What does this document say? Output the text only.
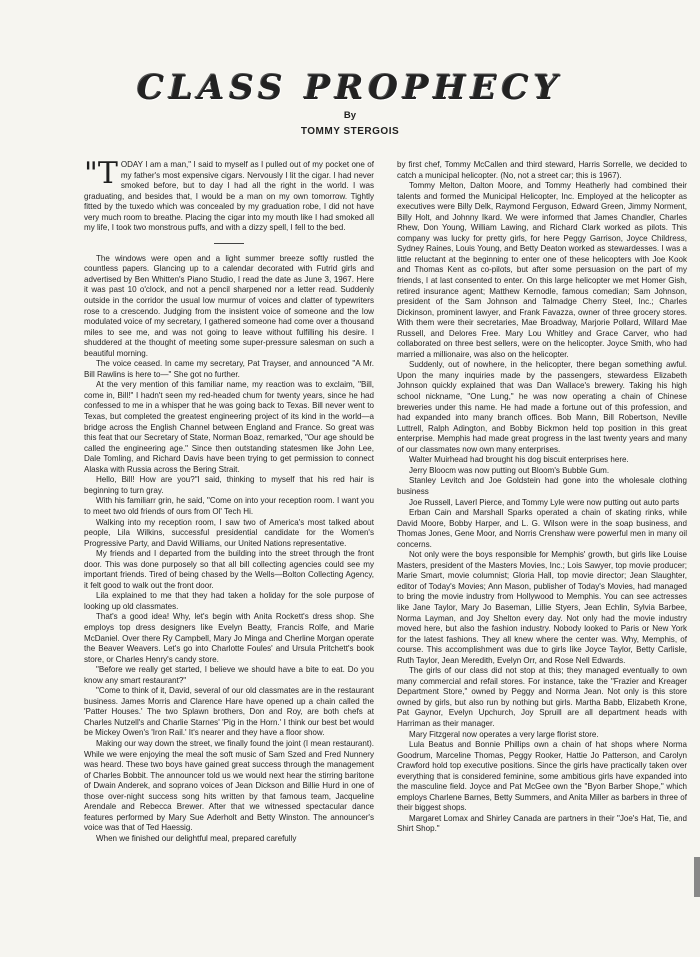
CLASS PROPHECY
By
TOMMY STERGOIS

"T ODAY I am a man," I said to myself as I pulled out of my pocket one of my father's most expensive cigars. Nervously I lit the cigar. I had never smoked before, but to day I had all the right in the world. I was graduating, and besides that, I would be a man on my own tomorrow. Tightly fitted by the tuxedo which was concealed by my graduation robe, I did not have very much room to breathe. Placing the cigar into my mouth like I had smoked all my life, I took two monstrous puffs, and with a dizzy spell, I fell to the bed.

The windows were open and a light summer breeze softly rustled the countless papers. Glancing up to a calendar decorated with Futrid girls and advertised by Ben Whitten's Piano Studio, I read the date as June 3, 1967. Here it was past 10 o'clock, and not a pencil sharpened nor a letter read. Suddenly outside in the corridor the usual low murmur of voices and clatter of typewriters rose to a crescendo. Judging from the insistent voice of someone and the low modulated voice of my secretary, I gathered someone had come over a thousand miles to see me, and was not going to leave without fulfilling his desire. I shuddered at the thought of meeting some super-pressure salesman on such a beautiful morning.

The voice ceased. In came my secretary, Pat Trayser, and announced "A Mr. Bill Rawlins is here to—" She got no further.

At the very mention of this familiar name, my reaction was to exclaim, "Bill, come in, Bill!" I hadn't seen my red-headed chum for twenty years, since he had confessed to me in a whisper that he was going back to Texas. Bill never went to Texas, but completed the greatest engineering project of its kind in the world—a bridge across the English Channel between England and France. So great was this feat that our Secretary of State, Norman Boaz, remarked, "Our age should be called the engineering age." Since then outstanding statesmen like John Lee, Dale Tomling, and Richard Davis have been trying to get permission to connect Alaska with Russia across the Bering Strait.

Hello, Bill! How are you?"I said, thinking to myself that his red hair is beginning to turn gray.

With his familiarr grin, he said, "Come on into your reception room. I want you to meet two old friends of ours from Ol' Tech Hi.

Walking into my reception room, I saw two of America's most talked about people, Lila Wilkins, successful presidential candidate for the Women's Progressive Party, and David Williams, our United Nations representative.

My friends and I departed from the building into the street through the front door. This was done purposely so that all bill collecting agencies could see my important friends. Tired of being chased by the Wells—Bolton Collecting Agency, it felt good to walk out the front door.

Lila explained to me that they had taken a holiday for the sole purpose of looking up old classmates.

That's a good idea! Why, let's begin with Anita Rockett's dress shop. She employs top dress designers like Evelyn Beatty, Francis Rolfe, and Marie McDaniel. Over there Ry Campbell, Mary Jo Minga and Cherline Morgan operate the Beaver Weavers. Let's go into Charlotte Foules' and Ursula Pritchett's book store, or Charles Henry's candy store.

"Before we really get started, I believe we should have a bite to eat. Do you know any smart restaurant?"

"Come to think of it, David, several of our old classmates are in the restaurant business. James Morris and Clarence Hare have opened up a chain called the 'Patter Houses.' The two Splawn brothers, Don and Roy, are both chefs at Charles Nutzell's and Charlie Starnes' 'Pig in the Horn.' I think our best bet would be Mickey Owen's 'Iron Rail.' It's nearer and they have a floor show.

Making our way down the street, we finally found the joint (I mean restaurant). While we were enjoying the meal the soft music of Sam Szed and Fred Nunnery was heard. These two boys have gained great success through the management of Charles Bobbit. The announcer told us we would next hear the stirring baritone of Dwain Anderek, and soprano voices of Jean Dickson and Billie Hurd in one of those over-night success song hits written by that famous team, Jacqueline Arendale and Rebecca Brewer. After that we witnessed spectacular dance features performed by Mary Sue Aderholt and Betty Winston. The announcer's voice was that of Ted Haessig.

When we finished our delightful meal, prepared carefully

by first chef, Tommy McCallen and third steward, Harris Sorrelle, we decided to catch a municipal helicopter. (No, not a street car; this is 1967).

Tommy Melton, Dalton Moore, and Tommy Heatherly had combined their talents and formed the Municipal Helicopter, Inc. Employed at the helicopter as executives were Billy Delk, Raymond Ferguson, Edward Green, Jimmy Norment, Billy Holt, and Johnny Ikard. We were informed that James Chandler, Charles Rhew, Don Young, William Lawing, and Richard Clark worked as pilots. This company was lucky for pretty girls, for here Peggy Garrison, Joyce Childress, Sydney Raines, Louis Young, and Betty Deaton worked as stewardesses. I was a little reluctant at the beginning to enter one of these helicopters with Joe Kook and Thomas Kent as co-pilots, but after some persuasion on the part of my friends, I at last consented to enter. On this large helicopter we met Homer Gish, retired insurance agent; Matthew Kernodle, famous comedian; Sam Johnson, president of the Sam Johnson and Talmadge Cherry Steel, Inc.; Charles Dickinson, prominent lawyer, and Frank Favazza, owner of three grocery stores. With them were their secretaries, Mae Broadway, Marjorie Pollard, Willard Mae Russell, and Delores Free. Mary Lou Whitley and Grace Carver, who had collaborated on three best sellers, were on the helicopter. Joyce Smith, who had married a millionaire, was also on the helicopter.

Suddenly, out of nowhere, in the helicopter, there began something awful. Upon the many inquiries made by the passengers, stewardess Elizabeth Johnson quickly explained that was Dan Wallace's brewery. Taking his high school nickname, "One Lung," he was now operating a chain of Chinese breweries under this name. He had made a fortune out of this profession, and had expanded into many branch offices. Bob Mann, Bill Robertson, Neville Luttrell, Ralph Adington, and Bobby Bickmon held top position in this great enterprise. Memphis had made great progress in the last twenty years and many of our classmates now own many enterprises.

Walter Muirhead had brought his dog biscuit enterprises here.

Jerry Bloocm was now putting out Bloom's Bubble Gum.

Stanley Levitch and Joe Goldstein had gone into the wholesale clothing business

Joe Russell, Laverl Pierce, and Tommy Lyle were now putting out auto parts

Erban Cain and Marshall Sparks operated a chain of skating rinks, while David Moore, Bobby Harper, and L. G. Wilson were in the soap business, and Thomas Jones, Gene Moor, and Norris Crenshaw were powerful men in many oil concerns.

Not only were the boys responsible for Memphis' growth, but girls like Louise Masters, president of the Masters Movies, Inc.; Lois Sawyer, top movie producer; Marie Smart, movie columnist; Gloria Hall, top movie director; Jean Slaughter, editor of Today's Movies; Ann Mason, publisher of Today's Movies, had managed to bring the movie industry from Hollywood to Memphis. You can see actresses like Jane Taylor, Mary Jo Baseman, Lillie Styers, Jean Echlin, Sylvia Barbee, Norma Layman, and Joy Shelton every day. Not only had the movie industry moved here, but also the fashion industry. Nobody looked to Paris or New York for the latest fashions. They all knew where the center was. Why, Memphis, of course. This accomplishment was due to girls like Joyce Taylor, Betty Carlisle, Ruth Taylor, Jean Meredith, Evelyn Orr, and Rose Nell Edwards.

The girls of our class did not stop at this; they managed eventually to own many commercial and refail stores. For instance, take the "Frazier and Kreager Department Store," owned by Peggy and Norma Jean. Not only is this store owned by girls, but also run by nothing but girls. Martha Babb, Elizabeth Krone, Pat Gaynor, Evelyn Upchurch, Joy Spruill are all department heads with Harriman as their manager.

Mary Fitzgeral now operates a very large florist store.

Lula Beatus and Bonnie Phillips own a chain of hat shops where Norma Goodrum, Marceline Thomas, Peggy Rooker, Hattie Jo Patterson, and Carolyn Crawford hold top executive positions. Since the girls have practically taken over everything that is considered feminine, some ambitious girls have expanded into the masculine field. Joyce and Pat McGee own the "Byon Barber Shope," which employs Charlene Barnes, Betty Summers, and Anita Miller as barbers in three of their biggest shops.

Margaret Lomax and Shirley Canada are partners in their "Joe's Hat, Tie, and Shirt Shop."
